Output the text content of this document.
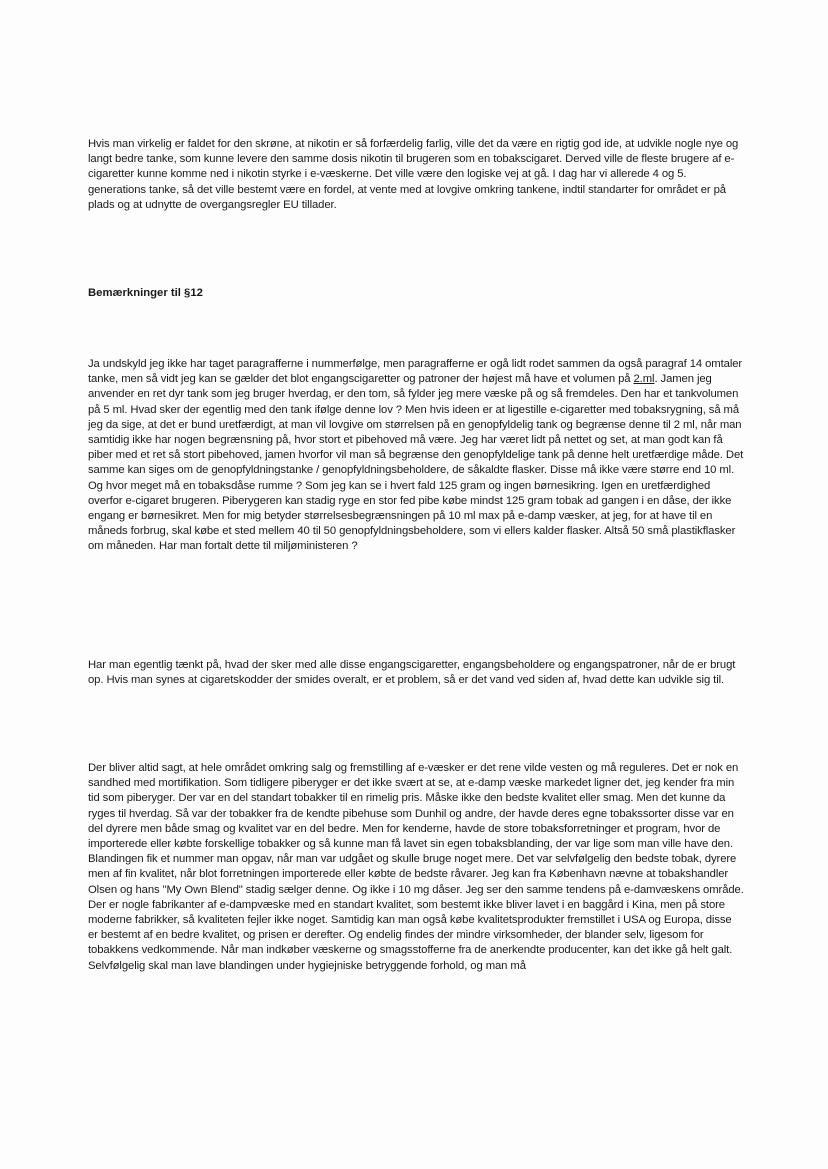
Hvis man virkelig er faldet for den skrøne, at nikotin er så forfærdelig farlig, ville det da være en rigtig god ide, at udvikle nogle nye og langt bedre tanke, som kunne levere den samme dosis nikotin til brugeren som en tobakscigaret. Derved ville de fleste brugere af e-cigaretter kunne komme ned i nikotin styrke i e-væskerne. Det ville være den logiske vej at gå. I dag har vi allerede 4 og 5. generations tanke, så det ville bestemt være en fordel, at vente med at lovgive omkring tankene, indtil standarter for området er på plads og at udnytte de overgangsregler EU tillader.

Bemærkninger til §12

Ja undskyld jeg ikke har taget paragrafferne i nummerfølge, men paragrafferne er ogå lidt rodet sammen da også paragraf 14 omtaler tanke, men så vidt jeg kan se gælder det blot engangscigaretter og patroner der højest må have et volumen på 2.ml. Jamen jeg anvender en ret dyr tank som jeg bruger hverdag, er den tom, så fylder jeg mere væske på og så fremdeles. Den har et tankvolumen på 5 ml. Hvad sker der egentlig med den tank ifølge denne lov ? Men hvis ideen er at ligestille e-cigaretter med tobaksrygning, så må jeg da sige, at det er bund uretfærdigt, at man vil lovgive om størrelsen på en genopfyldelig tank og begrænse denne til 2 ml, når man samtidig ikke har nogen begrænsning på, hvor stort et pibehoved må være. Jeg har været lidt på nettet og set, at man godt kan få piber med et ret så stort pibehoved, jamen hvorfor vil man så begrænse den genopfyldelige tank på denne helt uretfærdige måde. Det samme kan siges om de genopfyldningstanke / genopfyldningsbeholdere, de såkaldte flasker. Disse må ikke være større end 10 ml. Og hvor meget må en tobaksdåse rumme ? Som jeg kan se i hvert fald 125 gram og ingen børnesikring. Igen en uretfærdighed overfor e-cigaret brugeren. Piberygeren kan stadig ryge en stor fed pibe købe mindst 125 gram tobak ad gangen i en dåse, der ikke engang er børnesikret. Men for mig betyder størrelsesbegrænsningen på 10 ml max på e-damp væsker, at jeg, for at have til en måneds forbrug, skal købe et sted mellem 40 til 50 genopfyldningsbeholdere, som vi ellers kalder flasker. Altså 50 små plastikflasker om måneden. Har man fortalt dette til miljøministeren ?

Har man egentlig tænkt på, hvad der sker med alle disse engangscigaretter, engangsbeholdere og engangspatroner, når de er brugt op. Hvis man synes at cigaretskodder der smides overalt, er et problem, så er det vand ved siden af, hvad dette kan udvikle sig til.

Der bliver altid sagt, at hele området omkring salg og fremstilling af e-væsker er det rene vilde vesten og må reguleres. Det er nok en sandhed med mortifikation. Som tidligere piberyger er det ikke svært at se, at e-damp væske markedet ligner det, jeg kender fra min tid som piberyger. Der var en del standart tobakker til en rimelig pris. Måske ikke den bedste kvalitet eller smag. Men det kunne da ryges til hverdag. Så var der tobakker fra de kendte pibehuse som Dunhil og andre, der havde deres egne tobakssorter disse var en del dyrere men både smag og kvalitet var en del bedre. Men for kenderne, havde de store tobaksforretninger et program, hvor de importerede eller købte forskellige tobakker og så kunne man få lavet sin egen tobaksblanding, der var lige som man ville have den. Blandingen fik et nummer man opgav, når man var udgået og skulle bruge noget mere. Det var selvfølgelig den bedste tobak, dyrere men af fin kvalitet, når blot forretningen importerede eller købte de bedste råvarer. Jeg kan fra København nævne at tobakshandler Olsen og hans "My Own Blend" stadig sælger denne. Og ikke i 10 mg dåser. Jeg ser den samme tendens på e-damvæskens område. Der er nogle fabrikanter af e-dampvæske med en standart kvalitet, som bestemt ikke bliver lavet i en baggård i Kina, men på store moderne fabrikker, så kvaliteten fejler ikke noget. Samtidig kan man også købe kvalitetsprodukter fremstillet i USA og Europa, disse er bestemt af en bedre kvalitet, og prisen er derefter. Og endelig findes der mindre virksomheder, der blander selv, ligesom for tobakkens vedkommende. Når man indkøber væskerne og smagsstofferne fra de anerkendte producenter, kan det ikke gå helt galt. Selvfølgelig skal man lave blandingen under hygiejniske betryggende forhold, og man må
